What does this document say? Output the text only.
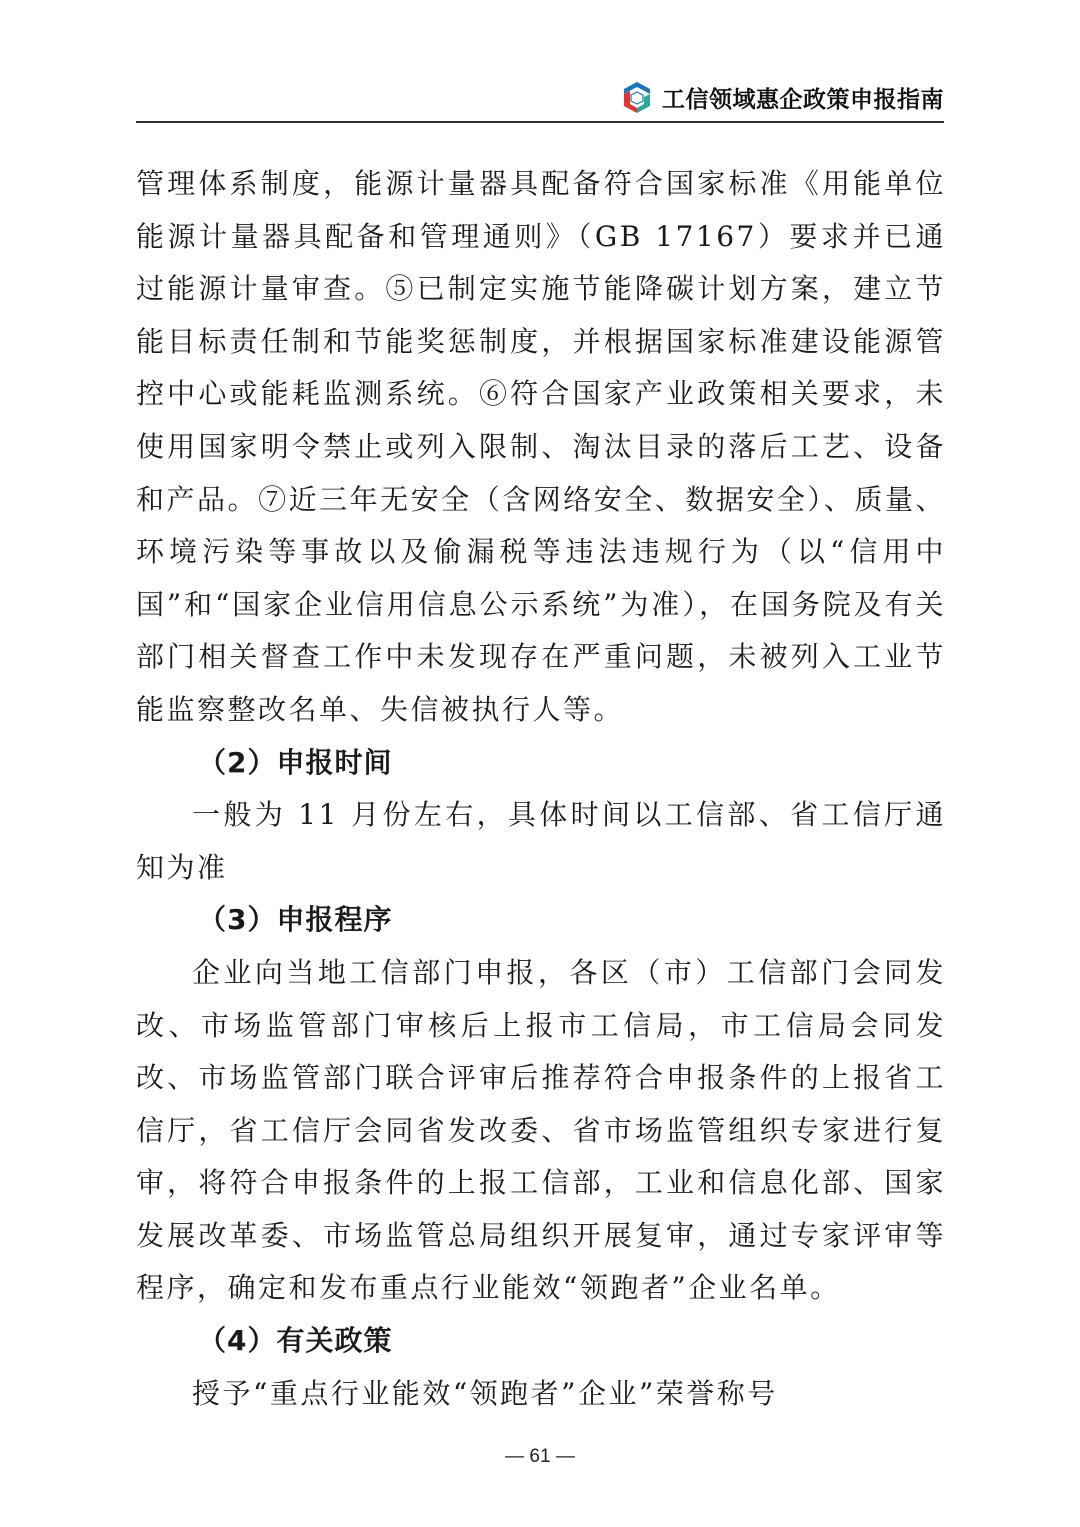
工信领域惠企政策申报指南

管理体系制度，能源计量器具配备符合国家标准《用能单位能源计量器具配备和管理通则》（GB 17167）要求并已通过能源计量审查。⑤已制定实施节能降碳计划方案，建立节能目标责任制和节能奖惩制度，并根据国家标准建设能源管控中心或能耗监测系统。⑥符合国家产业政策相关要求，未使用国家明令禁止或列入限制、淘汰目录的落后工艺、设备和产品。⑦近三年无安全（含网络安全、数据安全）、质量、环境污染等事故以及偷漏税等违法违规行为（以“信用中国”和“国家企业信用信息公示系统”为准），在国务院及有关部门相关督查工作中未发现存在严重问题，未被列入工业节能监察整改名单、失信被执行人等。

（2）申报时间

一般为 11 月份左右，具体时间以工信部、省工信厅通知为准

（3）申报程序

企业向当地工信部门申报，各区（市）工信部门会同发改、市场监管部门审核后上报市工信局，市工信局会同发改、市场监管部门联合评审后推荐符合申报条件的上报省工信厅，省工信厅会同省发改委、省市场监管组织专家进行复审，将符合申报条件的上报工信部，工业和信息化部、国家发展改革委、市场监管总局组织开展复审，通过专家评审等程序，确定和发布重点行业能效“领跑者”企业名单。

（4）有关政策

授予“重点行业能效“领跑者”企业”荣誉称号

— 61 —
